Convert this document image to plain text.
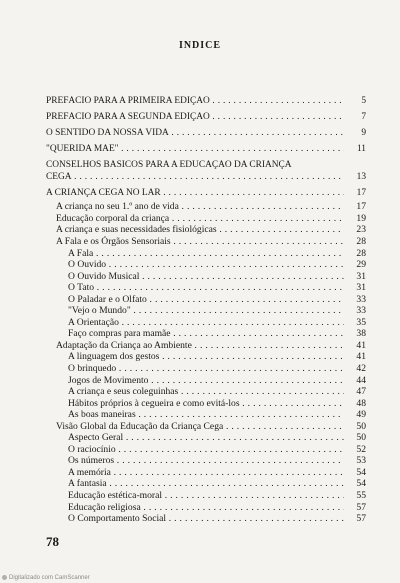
INDICE
PREFÁCIO PARA A PRIMEIRA EDIÇÃO . . .	5
PREFÁCIO PARA A SEGUNDA EDIÇÃO . . .	7
O SENTIDO DA NOSSA VIDA . . .	9
"QUERIDA MÃE" . . .	11
CONSELHOS BÁSICOS PARA A EDUCAÇÃO DA CRIANÇA
CEGA . . .	13
A CRIANÇA CEGA NO LAR . . .	17
A criança no seu 1.º ano de vida . . .	17
Educação corporal da criança . . .	19
A criança e suas necessidades fisiológicas . . .	23
A Fala e os Órgãos Sensoriais . . .	28
A Fala . . .	28
O Ouvido . . .	29
O Ouvido Musical . . .	31
O Tato . . .	31
O Paladar e o Olfato . . .	33
"Vejo o Mundo" . . .	33
A Orientação . . .	35
Faço compras para mamãe . . .	38
Adaptação da Criança ao Ambiente . . .	41
A linguagem dos gestos . . .	41
O brinquedo . . .	42
Jogos de Movimento . . .	44
A criança e seus coleguinhas . . .	47
Hábitos próprios à cegueira e como evitá-los . . .	48
As boas maneiras . . .	49
Visão Global da Educação da Criança Cega . . .	50
Aspecto Geral . . .	50
O raciocínio . . .	52
Os números . . .	53
A memória . . .	54
A fantasia . . .	54
Educação estética-moral . . .	55
Educação religiosa . . .	57
O Comportamento Social . . .	57
78
Digitalizado com CamScanner
